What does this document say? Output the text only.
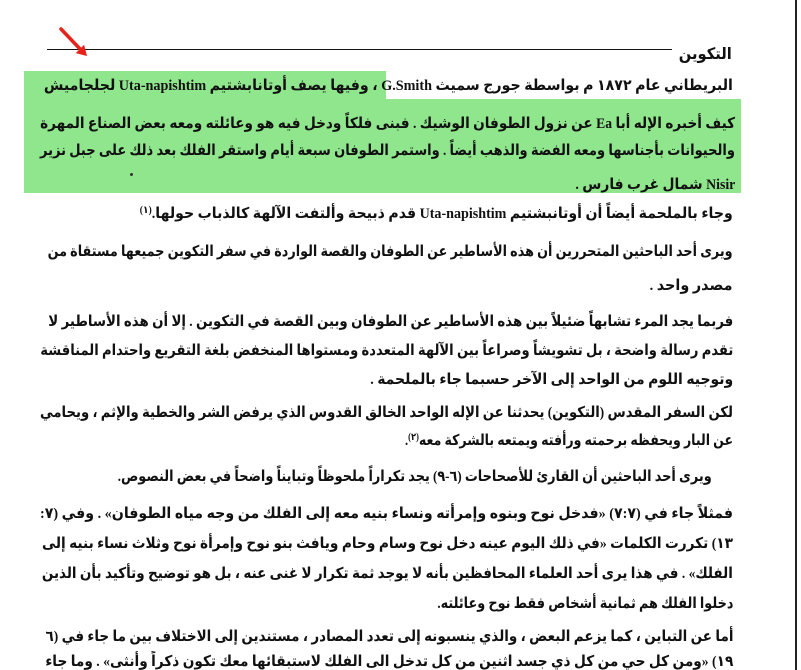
التكوين
البريطاني عام ١٨٧٢ م بواسطة جورج سميث G.Smith ، وفيها يصف أوتانابشتيم Uta-napishtim لجلجاميش
كيف أخبره الإله أبا Ea عن نزول الطوفان الوشيك . فبنى فلكاً ودخل فيه هو وعائلته ومعه بعض الصناع المهرة
والحيوانات بأجناسها ومعه الفضة والذهب أيضاً . واستمر الطوفان سبعة أيام واستقر الفلك بعد ذلك على جبل نزير
Nisir شمال غرب فارس .
وجاء بالملحمة أيضاً أن أوتانبشتيم Uta-napishtim قدم ذبيحة وألتفت الآلهة كالذباب حولها.$^{(١)}$
ويرى أحد الباحثين المتحررين أن هذه الأساطير عن الطوفان والقصة الواردة في سفر التكوين جميعها مستقاة من
مصدر واحد .
فربما يجد المرء تشابهاً ضئيلاً بين هذه الأساطير عن الطوفان وبين القصة في التكوين . إلا أن هذه الأساطير لا
تقدم رسالة واضحة ، بل تشويشاً وصراعاً بين الآلهة المتعددة ومستواها المنخفض بلغة التقريع واحتدام المناقشة
وتوجيه اللوم من الواحد إلى الآخر حسبما جاء بالملحمة .
لكن السفر المقدس (التكوين) يحدثنا عن الإله الواحد الخالق القدوس الذي يرفض الشر والخطية والإثم ، ويحامي
عن البار ويحفظه برحمته ورأفته ويمتعه بالشركة معه$^{(٢)}$.
ويرى أحد الباحثين أن القارئ للأصحاحات (٦-٩) يجد تكراراً ملحوظاً وتبايناً واضحاً في بعض النصوص.
فمثلاً جاء في (٧:٧) «فدخل نوح وبنوه وإمرأته ونساء بنيه معه إلى الفلك من وجه مياه الطوفان» . وفي (٧:
١٣) تكررت الكلمات «في ذلك اليوم عينه دخل نوح وسام وحام ويافث بنو نوح وإمرأة نوح وثلاث نساء بنيه إلى
الفلك» . في هذا يرى أحد العلماء المحافظين بأنه لا يوجد ثمة تكرار لا غنى عنه ، بل هو توضيح وتأكيد بأن الذين
دخلوا الفلك هم ثمانية أشخاص فقط نوح وعائلته.
أما عن التباين ، كما يزعم البعض ، والذي ينسبونه إلى تعدد المصادر ، مستندين إلى الاختلاف بين ما جاء في (٦
١٩) «ومن كل حي من كل ذي جسد اثنين من كل تدخل الى الفلك لاستبقائها معك تكون ذكراً وأنثى» . وما جاء
